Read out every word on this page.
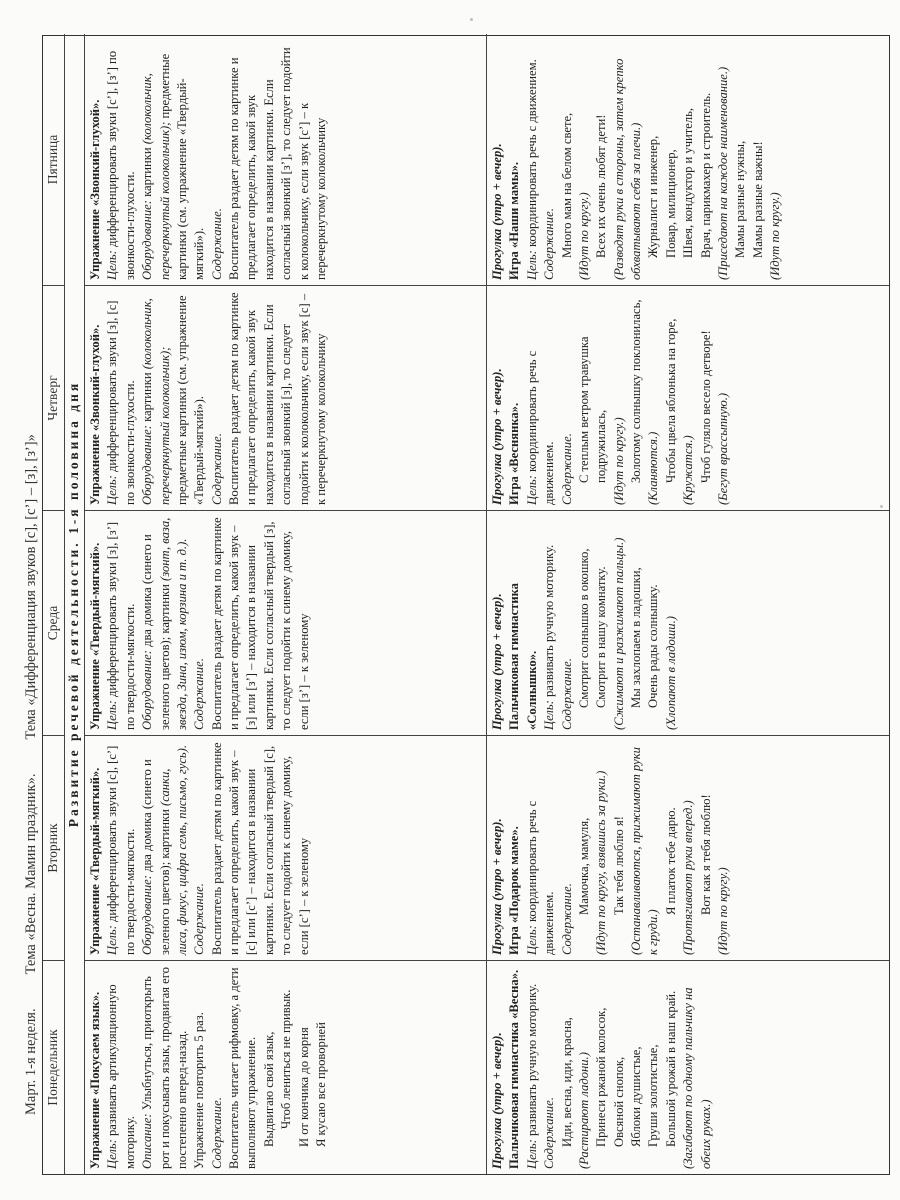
Март. 1-я неделя.Тема «Весна. Мамин праздник».Тема «Дифференциация звуков [с], [с’] – [з], [з’]»
Понедельник
Вторник
Среда
Четверг
Пятница
Развитие речевой деятельности. 1-я половина дня

Упражнение «Покусаем язык». Цель: развивать артикуляционную моторику. Описание: Улыбнуться, приоткрыть рот и покусывать язык, продвигая его постепенно вперед-назад. Упражнение повторить 5 раз. Содержание. Воспитатель читает рифмовку, а дети выполняют упражнение. Выдвигаю свой язык, Чтоб лениться не привык. И от кончика до корня Я кусаю все проворней

Упражнение «Твердый-мягкий». Цель: дифференцировать звуки [с], [с’] по твердости-мягкости. Оборудование: два домика (синего и зеленого цветов); картинки (санки, лиса, фикус, цифра семь, письмо, гусь). Содержание. Воспитатель раздает детям по картинке и предлагает определить, какой звук – [с] или [с’] – находится в названии картинки. Если согласный твердый [с], то следует подойти к синему домику, если [с’] – к зеленому

Упражнение «Твердый-мягкий». Цель: дифференцировать звуки [з], [з’] по твердости-мягкости. Оборудование: два домика (синего и зеленого цветов); картинки (зонт, ваза, звезда, Зина, изюм, корзина и т. д.). Содержание. Воспитатель раздает детям по картинке и предлагает определить, какой звук – [з] или [з’] – находится в названии картинки. Если согласный твердый [з], то следует подойти к синему домику, если [з’] – к зеленому

Упражнение «Звонкий-глухой». Цель: дифференцировать звуки [з], [с] по звонкости-глухости. Оборудование: картинки (колокольчик, перечеркнутый колокольчик); предметные картинки (см. упражнение «Твердый-мягкий»). Содержание. Воспитатель раздает детям по картинке и предлагает определить, какой звук находится в названии картинки. Если согласный звонкий [з], то следует подойти к колокольчику, если звук [с] – к перечеркнутому колокольчику

Упражнение «Звонкий-глухой». Цель: дифференцировать звуки [с’], [з’] по звонкости-глухости. Оборудование: картинки (колокольчик, перечеркнутый колокольчик); предметные картинки (см. упражнение «Твердый-мягкий»). Содержание. Воспитатель раздает детям по картинке и предлагает определить, какой звук находится в названии картинки. Если согласный звонкий [з’], то следует подойти к колокольчику, если звук [с’] – к перечеркнутому колокольчику

Прогулка (утро + вечер). Пальчиковая гимнастика «Весна». Цель: развивать ручную моторику. Содержание. Иди, весна, иди, красна, (Растирают ладони.) Принеси ржаной колосок, Овсяной снопок, Яблоки душистые, Груши золотистые, Большой урожай в наш край. (Загибают по одному пальчику на обеих руках.)

Прогулка (утро + вечер). Игра «Подарок маме». Цель: координировать речь с движением. Содержание.

Мамочка, мамуля, (Идут по кругу, взявшись за руки.) Так тебя люблю я! (Останавливаются, прижимают руки к груди.)

Я платок тебе дарю. (Протягивают руки вперед.) Вот как я тебя люблю! (Идут по кругу.)

Прогулка (утро + вечер). Пальчиковая гимнастика «Солнышко». Цель: развивать ручную моторику. Содержание. Смотрит солнышко в окошко, Смотрит в нашу комнатку. (Сжимают и разжимают пальцы.) Мы захлопаем в ладошки, Очень рады солнышку. (Хлопают в ладоши.)

Прогулка (утро + вечер). Игра «Веснянка». Цель: координировать речь с движением. Содержание. С теплым ветром травушка подружилась, (Идут по кругу.) Золотому солнышку поклонилась, (Кланяются.) Чтобы цвела яблонька на горе, (Кружатся.) Чтоб гуляло весело детворе! (Бегут врассыпную.)

Прогулка (утро + вечер). Игра «Наши мамы». Цель: координировать речь с движением. Содержание. Много мам на белом свете, (Идут по кругу.) Всех их очень любят дети! (Разводят руки в стороны, затем крепко обхватывают себя за плечи.) Журналист и инженер, Повар, милиционер, Швея, кондуктор и учитель, Врач, парикмахер и строитель. (Приседают на каждое наименование.) Мамы разные нужны, Мамы разные важны! (Идут по кругу.)
